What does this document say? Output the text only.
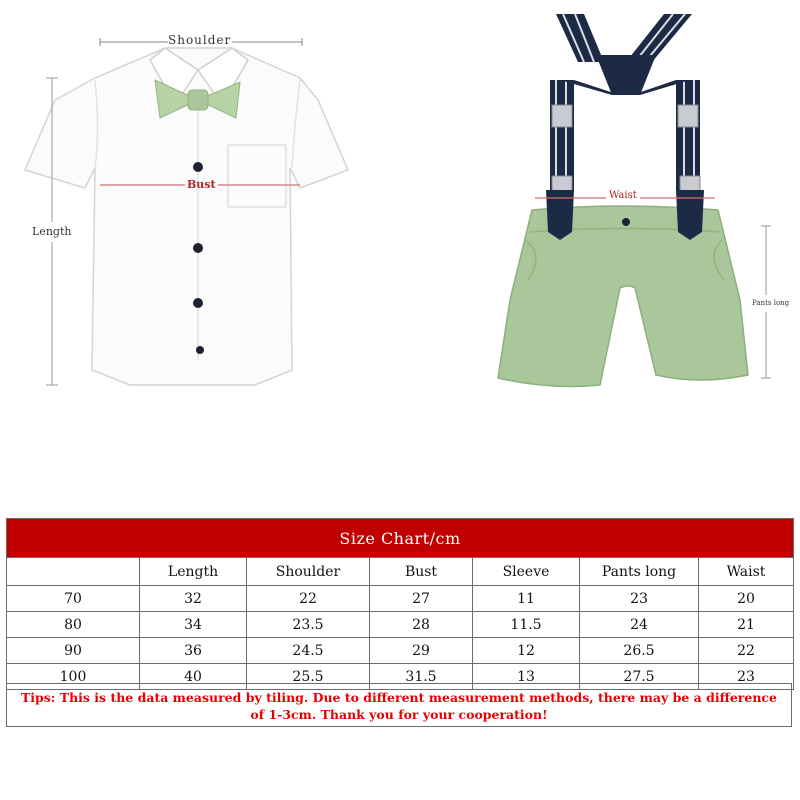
Shoulder
Bust
Length
Waist
Pants long
Size Chart/cm						
	Length	Shoulder	Bust	Sleeve	Pants long	Waist
70	32	22	27	11	23	20
80	34	23.5	28	11.5	24	21
90	36	24.5	29	12	26.5	22
100	40	25.5	31.5	13	27.5	23
Tips: This is the data measured by tiling. Due to different measurement methods, there may be a difference of 1-3cm. Thank you for your cooperation!
